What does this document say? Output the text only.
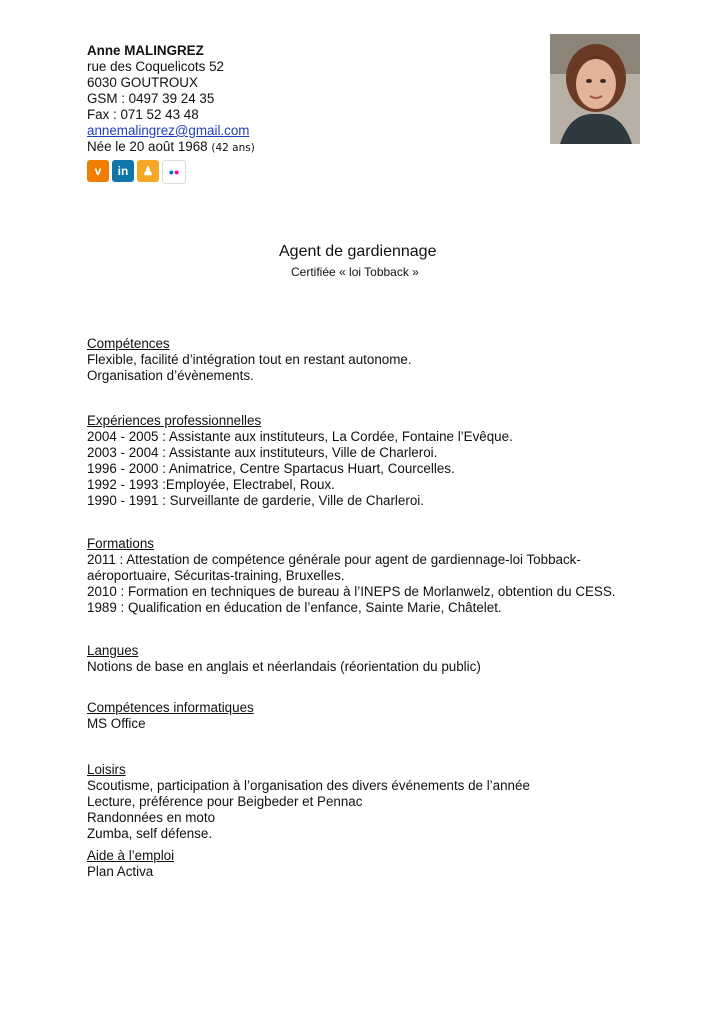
Anne MALINGREZ
rue des Coquelicots 52
6030 GOUTROUX
GSM : 0497 39 24 35
Fax : 071 52 43 48
annemalingrez@gmail.com
Née le 20 août 1968 (42 ans)
v	in	♟	● ●
Agent de gardiennage
Certifiée « loi Tobback »
Compétences
Flexible, facilité d’intégration tout en restant autonome.
Organisation d’évènements.
Expériences professionnelles
2004 - 2005 : Assistante aux instituteurs, La Cordée, Fontaine l’Evêque.
2003 - 2004 : Assistante aux instituteurs, Ville de Charleroi.
1996 - 2000 : Animatrice, Centre Spartacus Huart, Courcelles.
1992 - 1993 :Employée, Electrabel, Roux.
1990 - 1991 : Surveillante de garderie, Ville de Charleroi.
Formations
2011 : Attestation de compétence générale pour agent de gardiennage-loi Tobback-
aéroportuaire, Sécuritas-training, Bruxelles.
2010 : Formation en techniques de bureau à l’INEPS de Morlanwelz, obtention du CESS.
1989 : Qualification en éducation de l’enfance, Sainte Marie, Châtelet.
Langues
Notions de base en anglais et néerlandais (réorientation du public)
Compétences informatiques
MS Office
Loisirs
Scoutisme, participation à l’organisation des divers événements de l’année
Lecture, préférence pour Beigbeder et Pennac
Randonnées en moto
Zumba, self défense.
Aide à l’emploi
Plan Activa
